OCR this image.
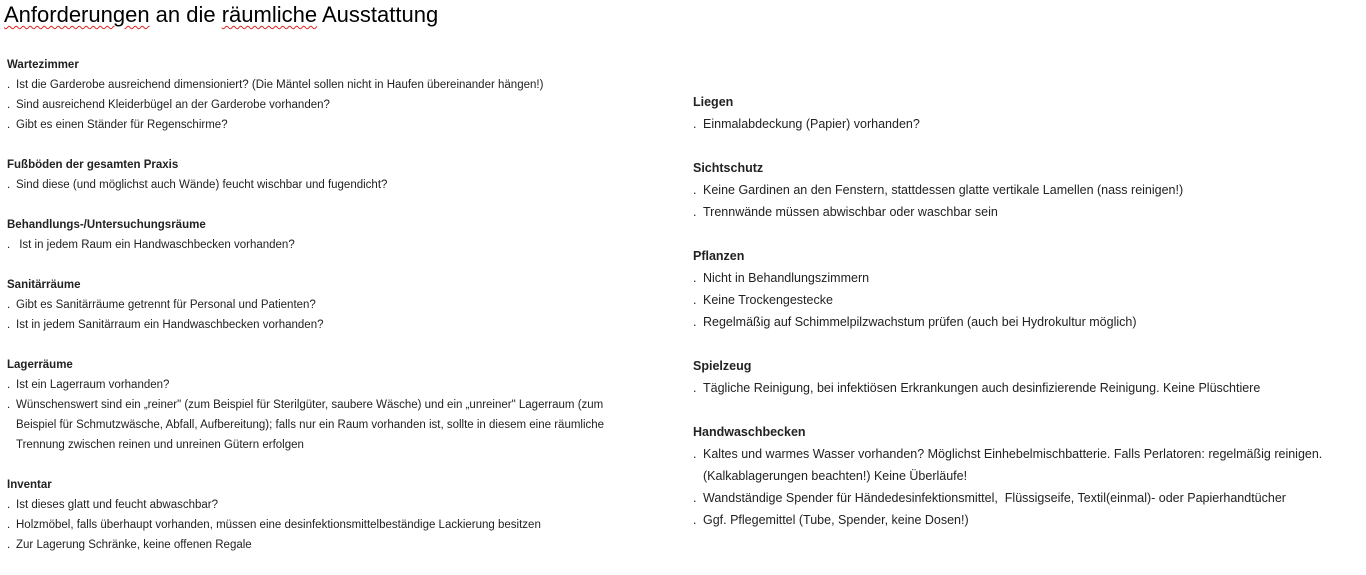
Anforderungen an die räumliche Ausstattung
Wartezimmer
. Ist die Garderobe ausreichend dimensioniert? (Die Mäntel sollen nicht in Haufen übereinander hängen!)
. Sind ausreichend Kleiderbügel an der Garderobe vorhanden?
. Gibt es einen Ständer für Regenschirme?
Fußböden der gesamten Praxis
. Sind diese (und möglichst auch Wände) feucht wischbar und fugendicht?
Behandlungs-/Untersuchungsräume
. Ist in jedem Raum ein Handwaschbecken vorhanden?
Sanitärräume
. Gibt es Sanitärräume getrennt für Personal und Patienten?
. Ist in jedem Sanitärraum ein Handwaschbecken vorhanden?
Lagerräume
. Ist ein Lagerraum vorhanden?
. Wünschenswert sind ein „reiner" (zum Beispiel für Sterilgüter, saubere Wäsche) und ein „unreiner" Lagerraum (zum Beispiel für Schmutzwäsche, Abfall, Aufbereitung); falls nur ein Raum vorhanden ist, sollte in diesem eine räumliche Trennung zwischen reinen und unreinen Gütern erfolgen
Inventar
. Ist dieses glatt und feucht abwaschbar?
. Holzmöbel, falls überhaupt vorhanden, müssen eine desinfektionsmittelbeständige Lackierung besitzen
. Zur Lagerung Schränke, keine offenen Regale
Liegen
. Einmalabdeckung (Papier) vorhanden?
Sichtschutz
. Keine Gardinen an den Fenstern, stattdessen glatte vertikale Lamellen (nass reinigen!)
. Trennwände müssen abwischbar oder waschbar sein
Pflanzen
. Nicht in Behandlungszimmern
. Keine Trockengestecke
. Regelmäßig auf Schimmelpilzwachstum prüfen (auch bei Hydrokultur möglich)
Spielzeug
. Tägliche Reinigung, bei infektiösen Erkrankungen auch desinfizierende Reinigung. Keine Plüschtiere
Handwaschbecken
. Kaltes und warmes Wasser vorhanden? Möglichst Einhebelmischbatterie. Falls Perlatoren: regelmäßig reinigen. (Kalkablagerungen beachten!) Keine Überläufe!
. Wandständige Spender für Händedesinfektionsmittel,  Flüssigseife, Textil(einmal)- oder Papierhandtücher
. Ggf. Pflegemittel (Tube, Spender, keine Dosen!)
